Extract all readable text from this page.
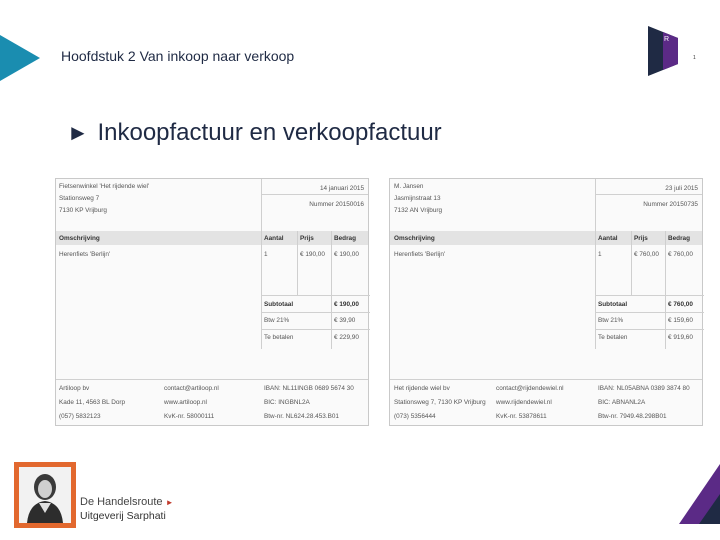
Hoofdstuk 2 Van inkoop naar verkoop
R
1
► Inkoopfactuur en verkoopfactuur
Fietsenwinkel 'Het rijdende wiel'
Stationsweg 7
7130 KP Vrijburg
14 januari 2015
Nummer 20150016
Omschrijving	Aantal	Prijs	Bedrag
Herenfiets 'Berlijn'	1	€ 190,00 € 190,00
Subtotaal	€ 190,00
Btw 21%	€ 39,90
Te betalen	€ 229,90
Artiloop bv	contact@artiloop.nl	IBAN: NL11INGB 0689 5674 30
Kade 11, 4563 BL Dorp	www.artiloop.nl	BIC: INGBNL2A
(057) 5832123	KvK-nr. 58000111	Btw-nr. NL624.28.453.B01
M. Jansen
Jasmijnstraat 13
7132 AN Vrijburg
23 juli 2015
Nummer 20150735
Omschrijving	Aantal	Prijs	Bedrag
Herenfiets 'Berlijn'	1	€ 760,00 € 760,00
Subtotaal	€ 760,00
Btw 21%	€ 159,60
Te betalen	€ 919,60
Het rijdende wiel bv	contact@rijdendewiel.nl	IBAN: NL05ABNA 0389 3874 80
Stationsweg 7, 7130 KP Vrijburg www.rijdendewiel.nl	BIC: ABNANL2A
(073) 5356444	KvK-nr. 53878611	Btw-nr. 7949.48.298B01
De Handelsroute ►
Uitgeverij Sarphati
6
